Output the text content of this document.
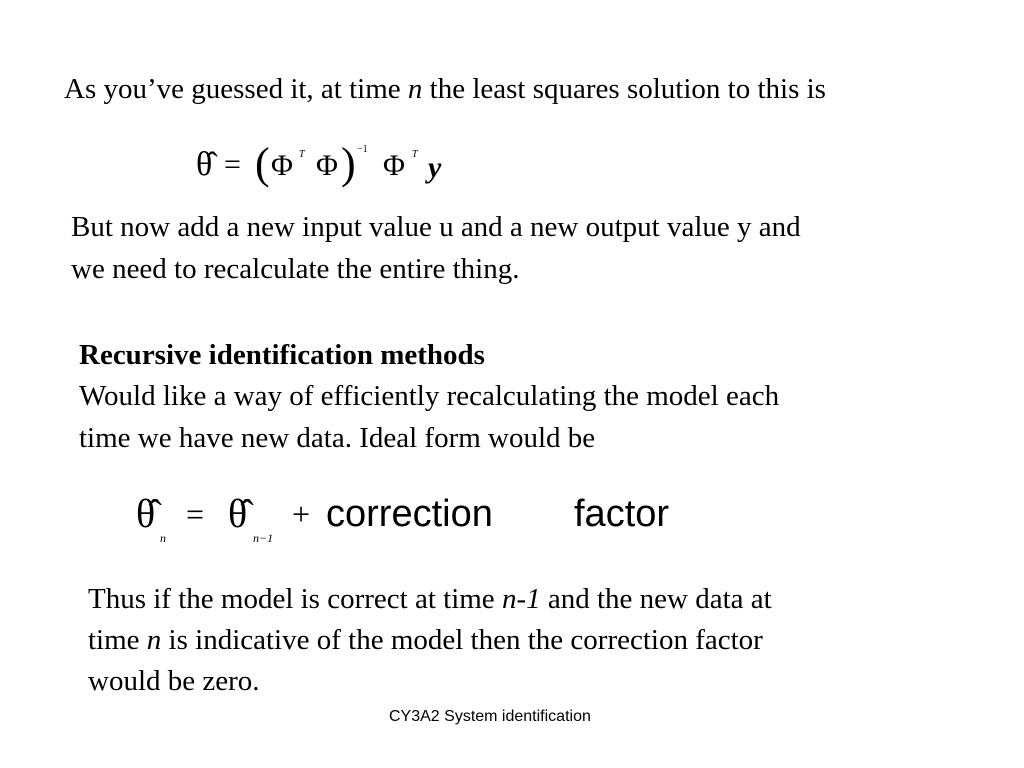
As you’ve guessed it, at time n the least squares solution to this is
θ̂ = ( Φ T Φ ) −1 Φ T y
But now add a new input value u and a new output value y and
we need to recalculate the entire thing.
Recursive identification methods
Would like a way of efficiently recalculating the model each
time we have new data. Ideal form would be
θ̂
n
= θ̂
n−1
+ correction factor
Thus if the model is correct at time n-1 and the new data at
time n is indicative of the model then the correction factor
would be zero.
CY3A2 System identification
